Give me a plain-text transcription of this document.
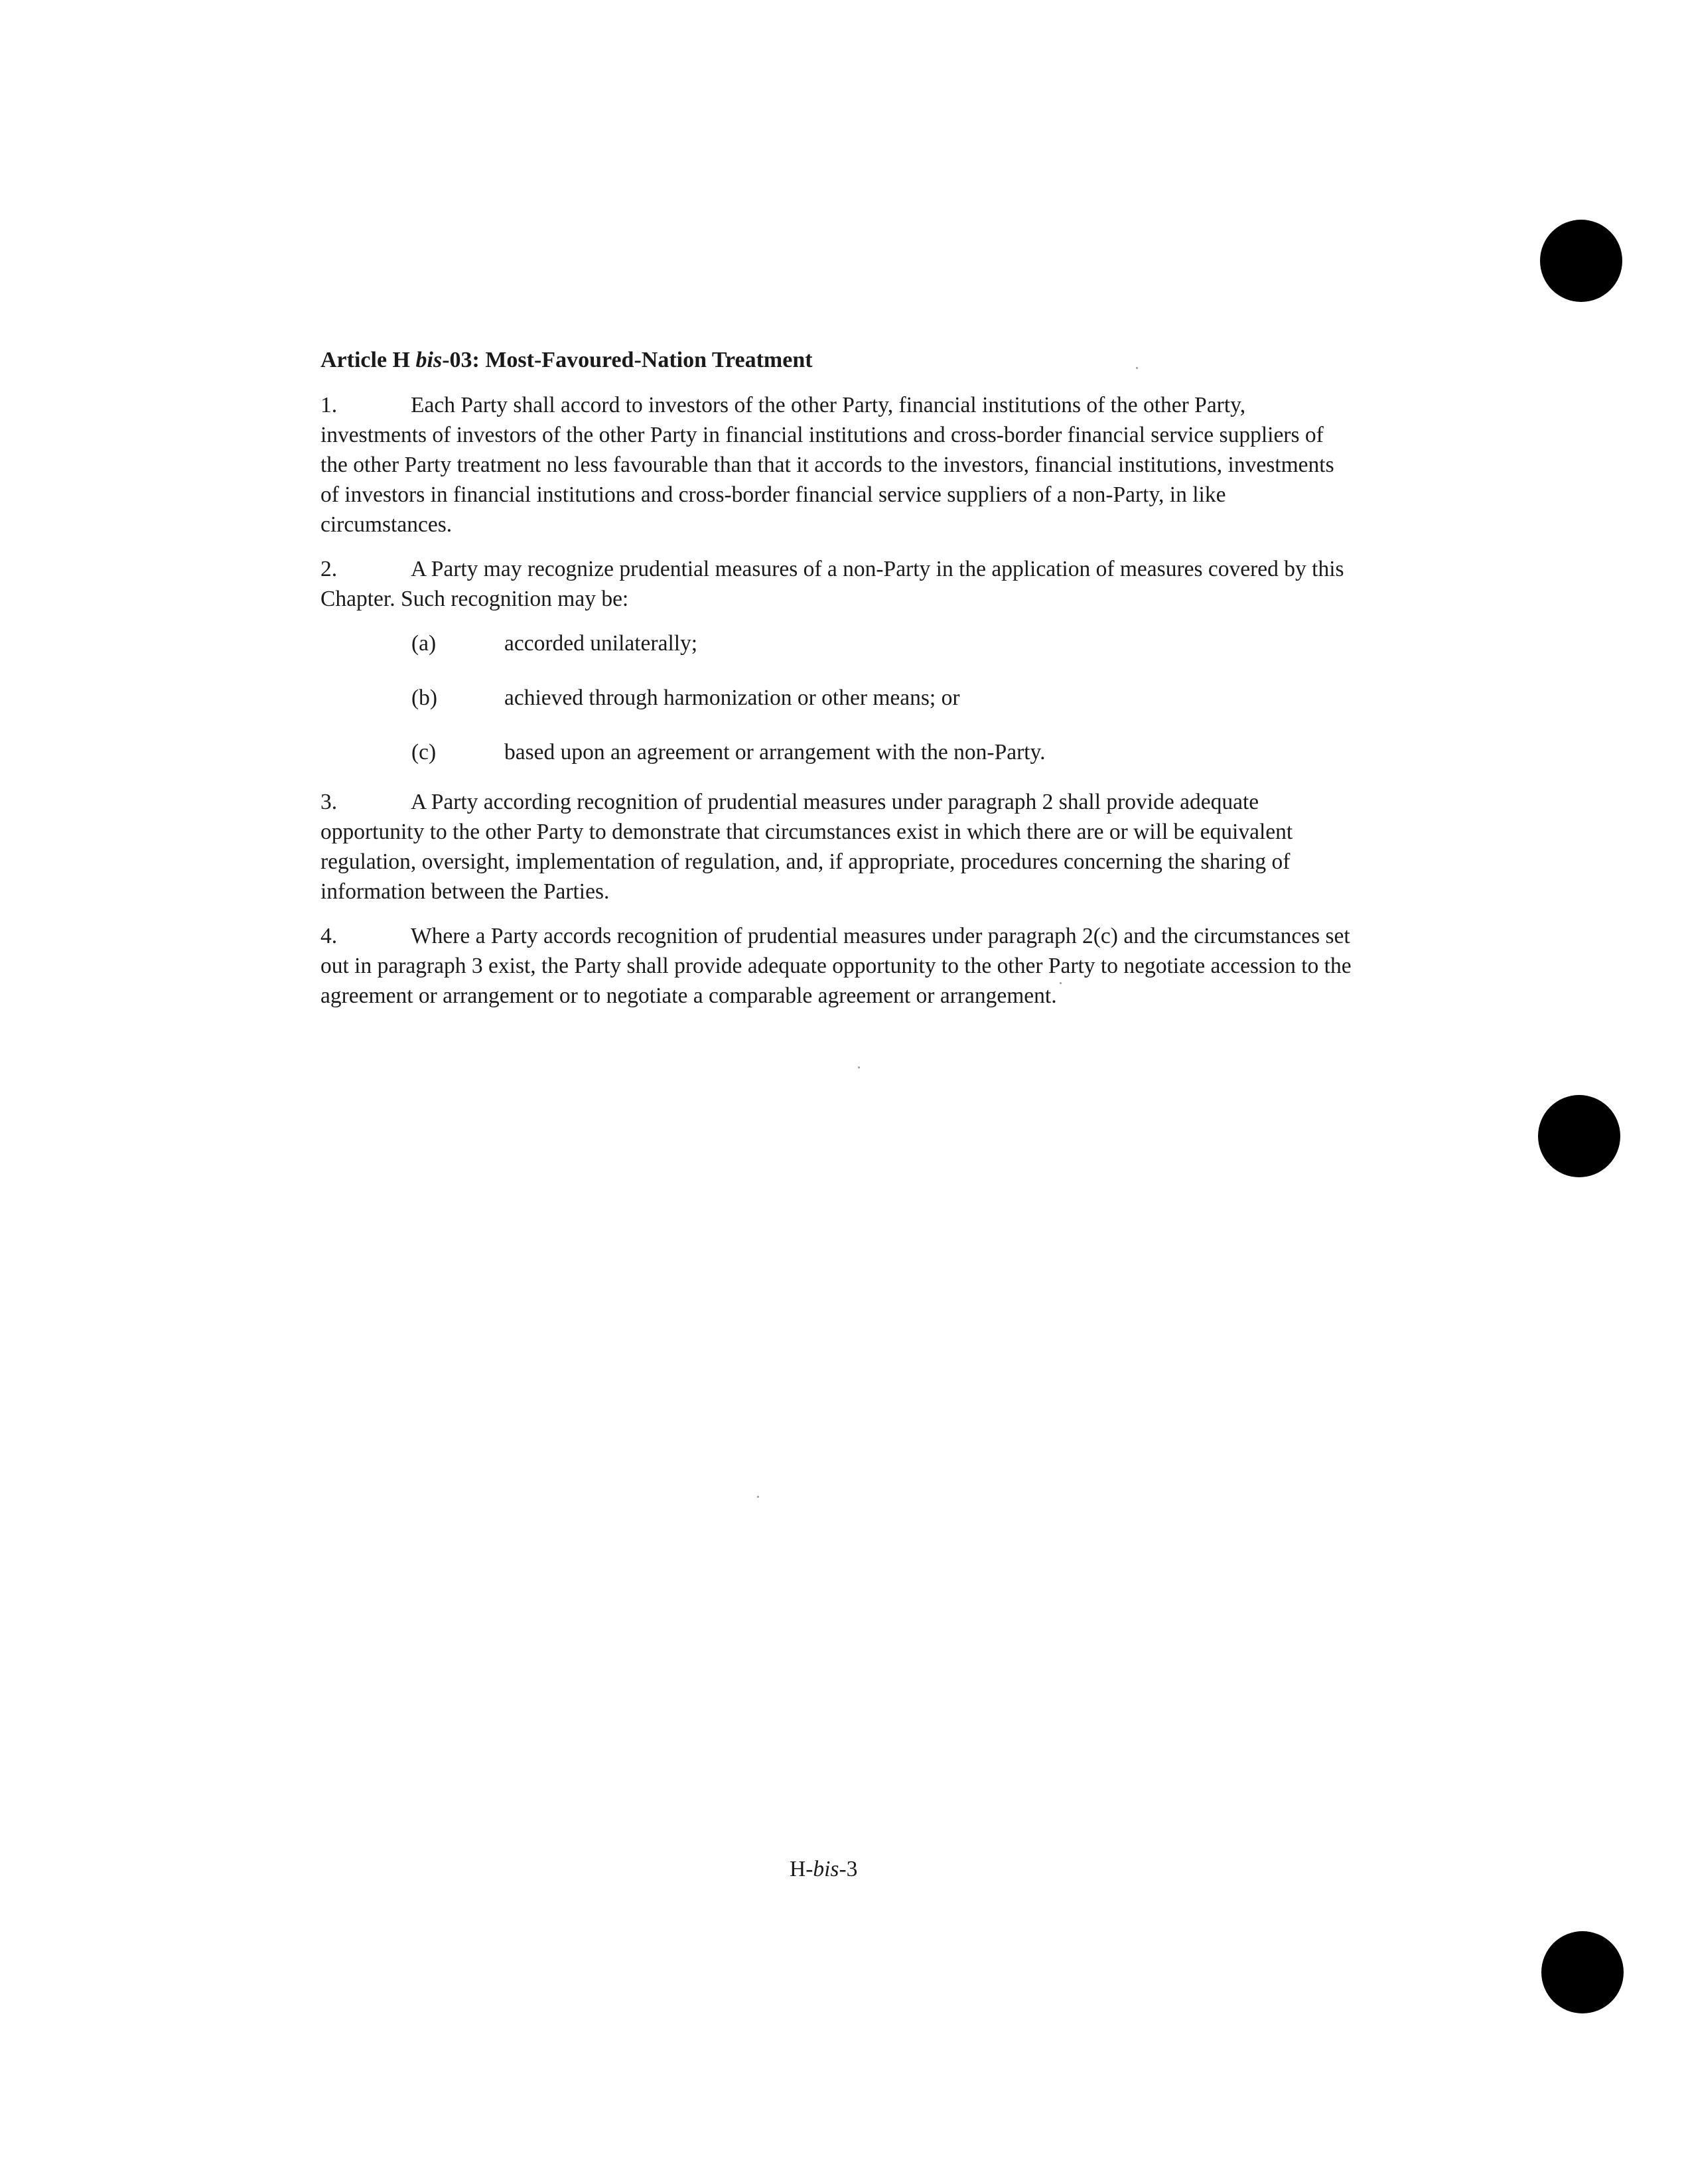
Article H bis-03: Most-Favoured-Nation Treatment
1.	Each Party shall accord to investors of the other Party, financial institutions of the other Party, investments of investors of the other Party in financial institutions and cross-border financial service suppliers of the other Party treatment no less favourable than that it accords to the investors, financial institutions, investments of investors in financial institutions and cross-border financial service suppliers of a non-Party, in like circumstances.
2.	A Party may recognize prudential measures of a non-Party in the application of measures covered by this Chapter. Such recognition may be:
(a)	accorded unilaterally;
(b)	achieved through harmonization or other means; or
(c)	based upon an agreement or arrangement with the non-Party.
3.	A Party according recognition of prudential measures under paragraph 2 shall provide adequate opportunity to the other Party to demonstrate that circumstances exist in which there are or will be equivalent regulation, oversight, implementation of regulation, and, if appropriate, procedures concerning the sharing of information between the Parties.
4.	Where a Party accords recognition of prudential measures under paragraph 2(c) and the circumstances set out in paragraph 3 exist, the Party shall provide adequate opportunity to the other Party to negotiate accession to the agreement or arrangement or to negotiate a comparable agreement or arrangement.
H-bis-3
